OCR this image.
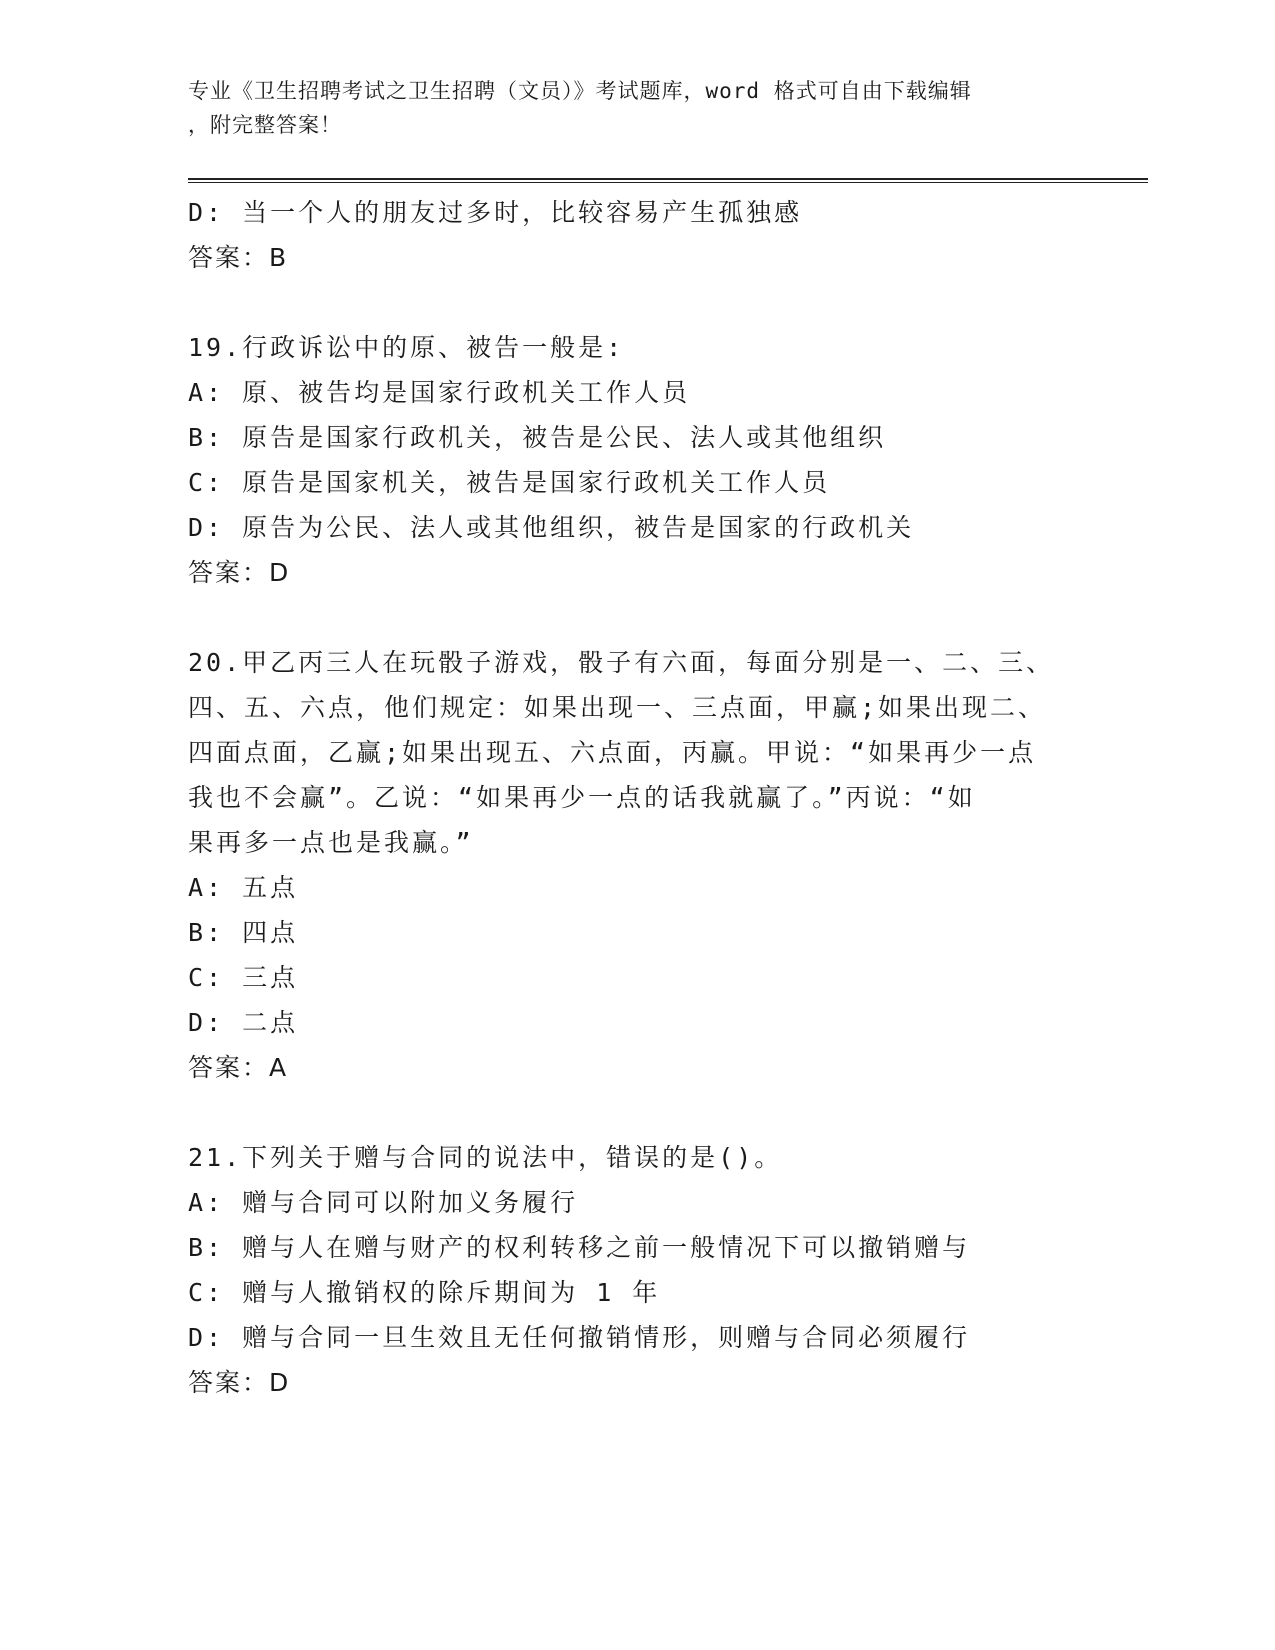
专业《卫生招聘考试之卫生招聘（文员）》考试题库，word 格式可自由下载编辑
，附完整答案！
D: 当一个人的朋友过多时，比较容易产生孤独感
答案：B
19.行政诉讼中的原、被告一般是:
A: 原、被告均是国家行政机关工作人员
B: 原告是国家行政机关，被告是公民、法人或其他组织
C: 原告是国家机关，被告是国家行政机关工作人员
D: 原告为公民、法人或其他组织，被告是国家的行政机关
答案：D
20.甲乙丙三人在玩骰子游戏，骰子有六面，每面分别是一、二、三、
四、五、六点，他们规定：如果出现一、三点面，甲赢;如果出现二、
四面点面，乙赢;如果出现五、六点面，丙赢。甲说：“如果再少一点
我也不会赢”。乙说：“如果再少一点的话我就赢了。”丙说：“如
果再多一点也是我赢。”
A: 五点
B: 四点
C: 三点
D: 二点
答案：A
21.下列关于赠与合同的说法中，错误的是()。
A: 赠与合同可以附加义务履行
B: 赠与人在赠与财产的权利转移之前一般情况下可以撤销赠与
C: 赠与人撤销权的除斥期间为 1 年
D: 赠与合同一旦生效且无任何撤销情形，则赠与合同必须履行
答案：D
